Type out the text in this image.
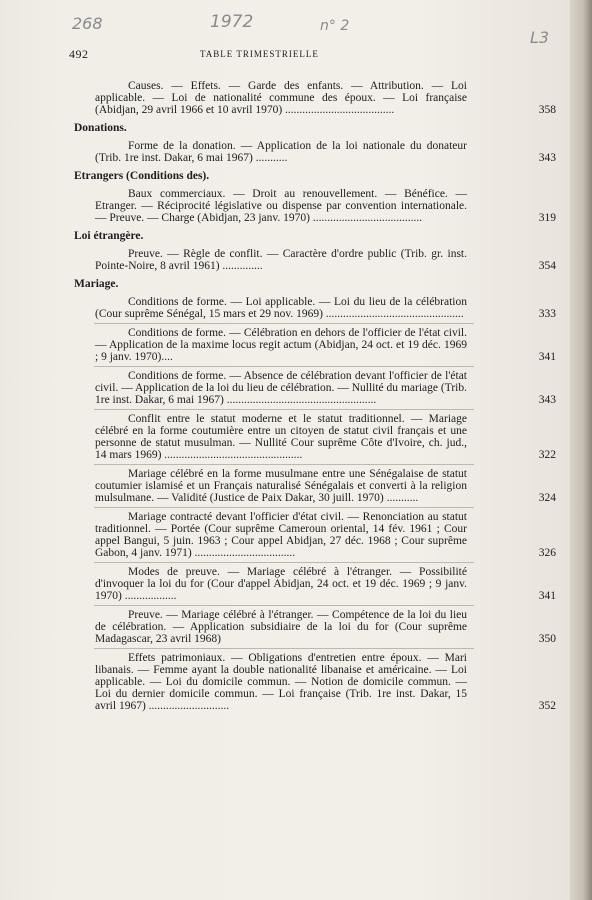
268	1972	n° 2
L3
492	TABLE TRIMESTRIELLE
Causes. — Effets. — Garde des enfants. — Attribution. — Loi applicable. — Loi de nationalité commune des époux. — Loi française (Abidjan, 29 avril 1966 et 10 avril 1970) ......................................	358
Donations.
Forme de la donation. — Application de la loi nationale du donateur (Trib. 1re inst. Dakar, 6 mai 1967) ...........	343
Etrangers (Conditions des).
Baux commerciaux. — Droit au renouvellement. — Bénéfice. — Etranger. — Réciprocité législative ou dispense par convention internationale. — Preuve. — Charge (Abidjan, 23 janv. 1970) ......................................	319
Loi étrangère.
Preuve. — Règle de conflit. — Caractère d'ordre public (Trib. gr. inst. Pointe-Noire, 8 avril 1961) ..............	354
Mariage.
Conditions de forme. — Loi applicable. — Loi du lieu de la célébration (Cour suprême Sénégal, 15 mars et 29 nov. 1969) ................................................	333
Conditions de forme. — Célébration en dehors de l'officier de l'état civil. — Application de la maxime locus regit actum (Abidjan, 24 oct. et 19 déc. 1969 ; 9 janv. 1970)....	341
Conditions de forme. — Absence de célébration devant l'officier de l'état civil. — Application de la loi du lieu de célébration. — Nullité du mariage (Trib. 1re inst. Dakar, 6 mai 1967) ....................................................	343
Conflit entre le statut moderne et le statut traditionnel. — Mariage célébré en la forme coutumière entre un citoyen de statut civil français et une personne de statut musulman. — Nullité Cour suprême Côte d'Ivoire, ch. jud., 14 mars 1969) ................................................	322
Mariage célébré en la forme musulmane entre une Sénégalaise de statut coutumier islamisé et un Français naturalisé Sénégalais et converti à la religion mulsulmane. — Validité (Justice de Paix Dakar, 30 juill. 1970) ...........	324
Mariage contracté devant l'officier d'état civil. — Renonciation au statut traditionnel. — Portée (Cour suprême Cameroun oriental, 14 fév. 1961 ; Cour appel Bangui, 5 juin. 1963 ; Cour appel Abidjan, 27 déc. 1968 ; Cour suprême Gabon, 4 janv. 1971) ...................................	326
Modes de preuve. — Mariage célébré à l'étranger. — Possibilité d'invoquer la loi du for (Cour d'appel Abidjan, 24 oct. et 19 déc. 1969 ; 9 janv. 1970) ..................	341
Preuve. — Mariage célébré à l'étranger. — Compétence de la loi du lieu de célébration. — Application subsidiaire de la loi du for (Cour suprême Madagascar, 23 avril 1968)	350
Effets patrimoniaux. — Obligations d'entretien entre époux. — Mari libanais. — Femme ayant la double nationalité libanaise et américaine. — Loi applicable. — Loi du domicile commun. — Notion de domicile commun. — Loi du dernier domicile commun. — Loi française (Trib. 1re inst. Dakar, 15 avril 1967) ............................	352
